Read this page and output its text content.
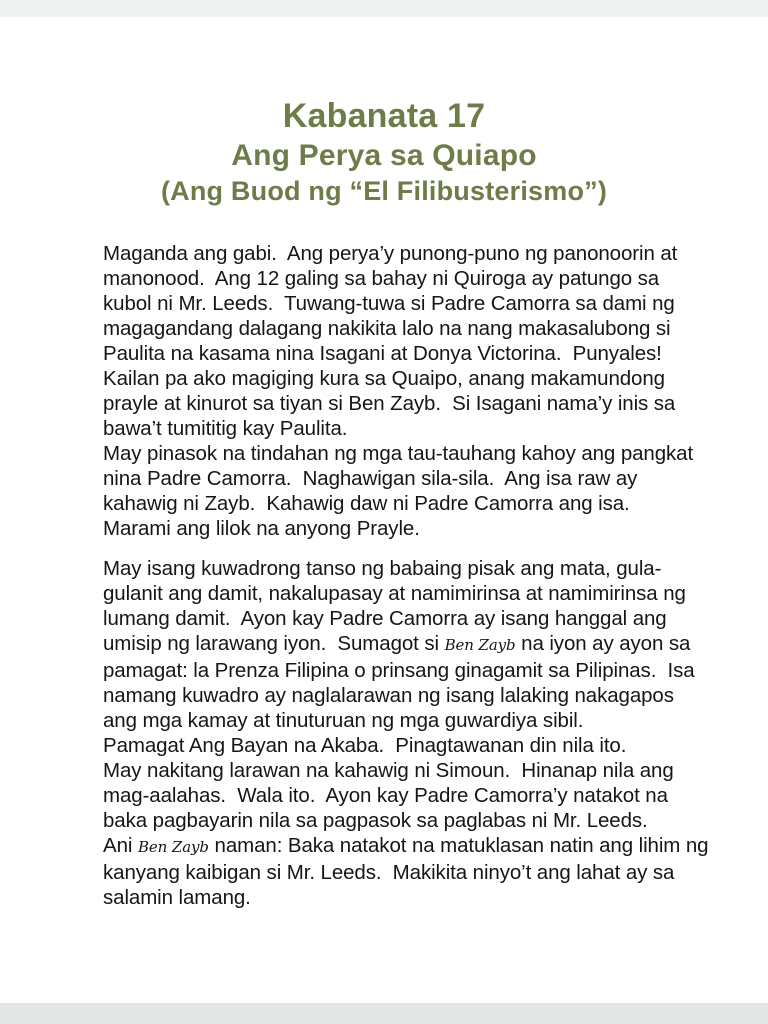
Kabanata 17
Ang Perya sa Quiapo
(Ang Buod ng “El Filibusterismo”)
Maganda ang gabi.  Ang perya’y punong-puno ng panonoorin at
manonood.  Ang 12 galing sa bahay ni Quiroga ay patungo sa
kubol ni Mr. Leeds.  Tuwang-tuwa si Padre Camorra sa dami ng
magagandang dalagang nakikita lalo na nang makasalubong si
Paulita na kasama nina Isagani at Donya Victorina.  Punyales!
Kailan pa ako magiging kura sa Quaipo, anang makamundong
prayle at kinurot sa tiyan si Ben Zayb.  Si Isagani nama’y inis sa
bawa’t tumititig kay Paulita.
May pinasok na tindahan ng mga tau-tauhang kahoy ang pangkat
nina Padre Camorra.  Naghawigan sila-sila.  Ang isa raw ay
kahawig ni Zayb.  Kahawig daw ni Padre Camorra ang isa.
Marami ang lilok na anyong Prayle.
May isang kuwadrong tanso ng babaing pisak ang mata, gula-
gulanit ang damit, nakalupasay at namimirinsa at namimirinsa ng
lumang damit.  Ayon kay Padre Camorra ay isang hanggal ang
umisip ng larawang iyon.  Sumagot si Ben Zayb na iyon ay ayon sa
pamagat: la Prenza Filipina o prinsang ginagamit sa Pilipinas.  Isa
namang kuwadro ay naglalarawan ng isang lalaking nakagapos
ang mga kamay at tinuturuan ng mga guwardiya sibil.
Pamagat Ang Bayan na Akaba.  Pinagtawanan din nila ito.
May nakitang larawan na kahawig ni Simoun.  Hinanap nila ang
mag-aalahas.  Wala ito.  Ayon kay Padre Camorra’y natakot na
baka pagbayarin nila sa pagpasok sa paglabas ni Mr. Leeds.
Ani Ben Zayb naman: Baka natakot na matuklasan natin ang lihim ng
kanyang kaibigan si Mr. Leeds.  Makikita ninyo’t ang lahat ay sa
salamin lamang.
